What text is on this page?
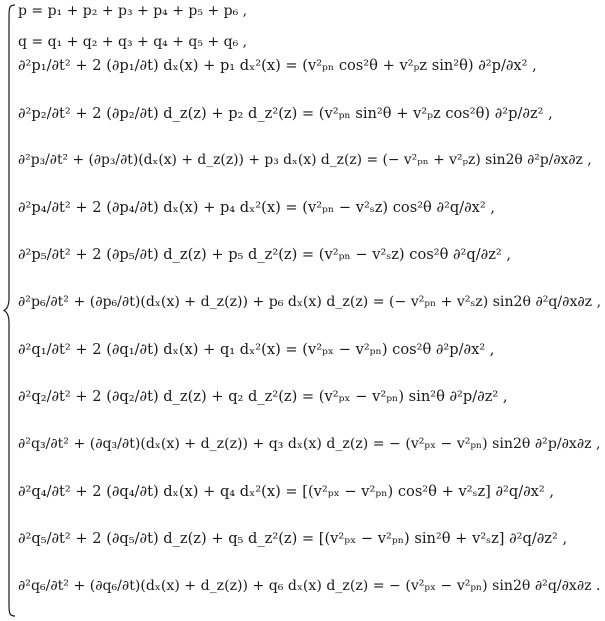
p = p₁ + p₂ + p₃ + p₄ + p₅ + p₆ ,
q = q₁ + q₂ + q₃ + q₄ + q₅ + q₆ ,
∂²p₁/∂t² + 2 (∂p₁/∂t) dₓ(x) + p₁ dₓ²(x) = (v²ₚₙ cos²θ + v²ₚz sin²θ) ∂²p/∂x² ,
∂²p₂/∂t² + 2 (∂p₂/∂t) d_z(z) + p₂ d_z²(z) = (v²ₚₙ sin²θ + v²ₚz cos²θ) ∂²p/∂z² ,
∂²p₃/∂t² + (∂p₃/∂t)(dₓ(x) + d_z(z)) + p₃ dₓ(x) d_z(z) = (− v²ₚₙ + v²ₚz) sin2θ ∂²p/∂x∂z ,
∂²p₄/∂t² + 2 (∂p₄/∂t) dₓ(x) + p₄ dₓ²(x) = (v²ₚₙ − v²ₛz) cos²θ ∂²q/∂x² ,
∂²p₅/∂t² + 2 (∂p₅/∂t) d_z(z) + p₅ d_z²(z) = (v²ₚₙ − v²ₛz) cos²θ ∂²q/∂z² ,
∂²p₆/∂t² + (∂p₆/∂t)(dₓ(x) + d_z(z)) + p₆ dₓ(x) d_z(z) = (− v²ₚₙ + v²ₛz) sin2θ ∂²q/∂x∂z ,
∂²q₁/∂t² + 2 (∂q₁/∂t) dₓ(x) + q₁ dₓ²(x) = (v²ₚₓ − v²ₚₙ) cos²θ ∂²p/∂x² ,
∂²q₂/∂t² + 2 (∂q₂/∂t) d_z(z) + q₂ d_z²(z) = (v²ₚₓ − v²ₚₙ) sin²θ ∂²p/∂z² ,
∂²q₃/∂t² + (∂q₃/∂t)(dₓ(x) + d_z(z)) + q₃ dₓ(x) d_z(z) = − (v²ₚₓ − v²ₚₙ) sin2θ ∂²p/∂x∂z ,
∂²q₄/∂t² + 2 (∂q₄/∂t) dₓ(x) + q₄ dₓ²(x) = [(v²ₚₓ − v²ₚₙ) cos²θ + v²ₛz] ∂²q/∂x² ,
∂²q₅/∂t² + 2 (∂q₅/∂t) d_z(z) + q₅ d_z²(z) = [(v²ₚₓ − v²ₚₙ) sin²θ + v²ₛz] ∂²q/∂z² ,
∂²q₆/∂t² + (∂q₆/∂t)(dₓ(x) + d_z(z)) + q₆ dₓ(x) d_z(z) = − (v²ₚₓ − v²ₚₙ) sin2θ ∂²q/∂x∂z .
